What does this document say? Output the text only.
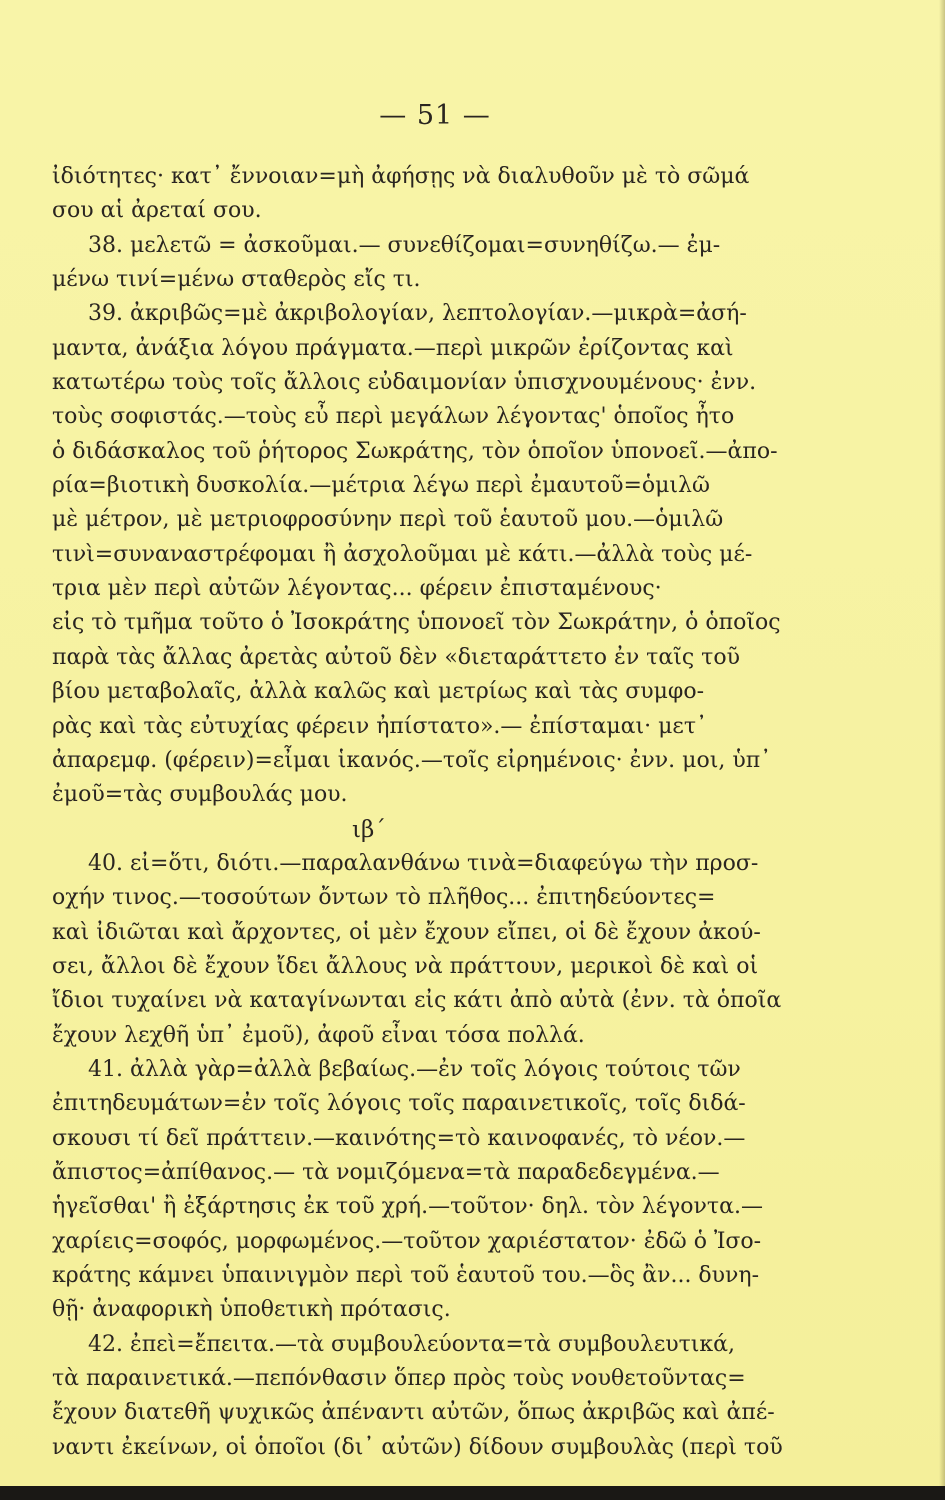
— 51 —
ἰδιότητες· κατ᾿ ἔννοιαν=μὴ ἀφήσῃς νὰ διαλυθοῦν μὲ τὸ σῶμά
σου αἱ ἀρεταί σου.
38. μελετῶ = ἀσκοῦμαι.— συνεθίζομαι=συνηθίζω.— ἐμ-
μένω τινί=μένω σταθερὸς εἴς τι.
39. ἀκριβῶς=μὲ ἀκριβολογίαν, λεπτολογίαν.—μικρὰ=ἀσή-
μαντα, ἀνάξια λόγου πράγματα.—περὶ μικρῶν ἐρίζοντας καὶ
κατωτέρω τοὺς τοῖς ἄλλοις εὐδαιμονίαν ὑπισχνουμένους· ἐνν.
τοὺς σοφιστάς.—τοὺς εὖ περὶ μεγάλων λέγοντας' ὁποῖος ἦτο
ὁ διδάσκαλος τοῦ ῥήτορος Σωκράτης, τὸν ὁποῖον ὑπονοεῖ.—ἀπο-
ρία=βιοτικὴ δυσκολία.—μέτρια λέγω περὶ ἐμαυτοῦ=ὁμιλῶ
μὲ μέτρον, μὲ μετριοφροσύνην περὶ τοῦ ἑαυτοῦ μου.—ὁμιλῶ
τινὶ=συναναστρέφομαι ἢ ἀσχολοῦμαι μὲ κάτι.—ἀλλὰ τοὺς μέ-
τρια μὲν περὶ αὐτῶν λέγοντας... φέρειν ἐπισταμένους·
εἰς τὸ τμῆμα τοῦτο ὁ Ἰσοκράτης ὑπονοεῖ τὸν Σωκράτην, ὁ ὁποῖος
παρὰ τὰς ἄλλας ἀρετὰς αὐτοῦ δὲν «διεταράττετο ἐν ταῖς τοῦ
βίου μεταβολαῖς, ἀλλὰ καλῶς καὶ μετρίως καὶ τὰς συμφο-
ρὰς καὶ τὰς εὐτυχίας φέρειν ἠπίστατο».— ἐπίσταμαι· μετ᾿
ἀπαρεμφ. (φέρειν)=εἶμαι ἱκανός.—τοῖς εἰρημένοις· ἐνν. μοι, ὑπ᾿
ἐμοῦ=τὰς συμβουλάς μου.
ιβ´
40. εἰ=ὅτι, διότι.—παραλανθάνω τινὰ=διαφεύγω τὴν προσ-
οχήν τινος.—τοσούτων ὄντων τὸ πλῆθος... ἐπιτηδεύοντες=
καὶ ἰδιῶται καὶ ἄρχοντες, οἱ μὲν ἔχουν εἴπει, οἱ δὲ ἔχουν ἀκού-
σει, ἄλλοι δὲ ἔχουν ἴδει ἄλλους νὰ πράττουν, μερικοὶ δὲ καὶ οἱ
ἴδιοι τυχαίνει νὰ καταγίνωνται εἰς κάτι ἀπὸ αὐτὰ (ἐνν. τὰ ὁποῖα
ἔχουν λεχθῆ ὑπ᾿ ἐμοῦ), ἀφοῦ εἶναι τόσα πολλά.
41. ἀλλὰ γὰρ=ἀλλὰ βεβαίως.—ἐν τοῖς λόγοις τούτοις τῶν
ἐπιτηδευμάτων=ἐν τοῖς λόγοις τοῖς παραινετικοῖς, τοῖς διδά-
σκουσι τί δεῖ πράττειν.—καινότης=τὸ καινοφανές, τὸ νέον.—
ἄπιστος=ἀπίθανος.— τὰ νομιζόμενα=τὰ παραδεδεγμένα.—
ἡγεῖσθαι' ἢ ἐξάρτησις ἐκ τοῦ χρή.—τοῦτον· δηλ. τὸν λέγοντα.—
χαρίεις=σοφός, μορφωμένος.—τοῦτον χαριέστατον· ἐδῶ ὁ Ἰσο-
κράτης κάμνει ὑπαινιγμὸν περὶ τοῦ ἑαυτοῦ του.—ὃς ἂν... δυνη-
θῇ· ἀναφορικὴ ὑποθετικὴ πρότασις.
42. ἐπεὶ=ἔπειτα.—τὰ συμβουλεύοντα=τὰ συμβουλευτικά,
τὰ παραινετικά.—πεπόνθασιν ὅπερ πρὸς τοὺς νουθετοῦντας=
ἔχουν διατεθῆ ψυχικῶς ἀπέναντι αὐτῶν, ὅπως ἀκριβῶς καὶ ἀπέ-
ναντι ἐκείνων, οἱ ὁποῖοι (δι᾿ αὐτῶν) δίδουν συμβουλὰς (περὶ τοῦ
